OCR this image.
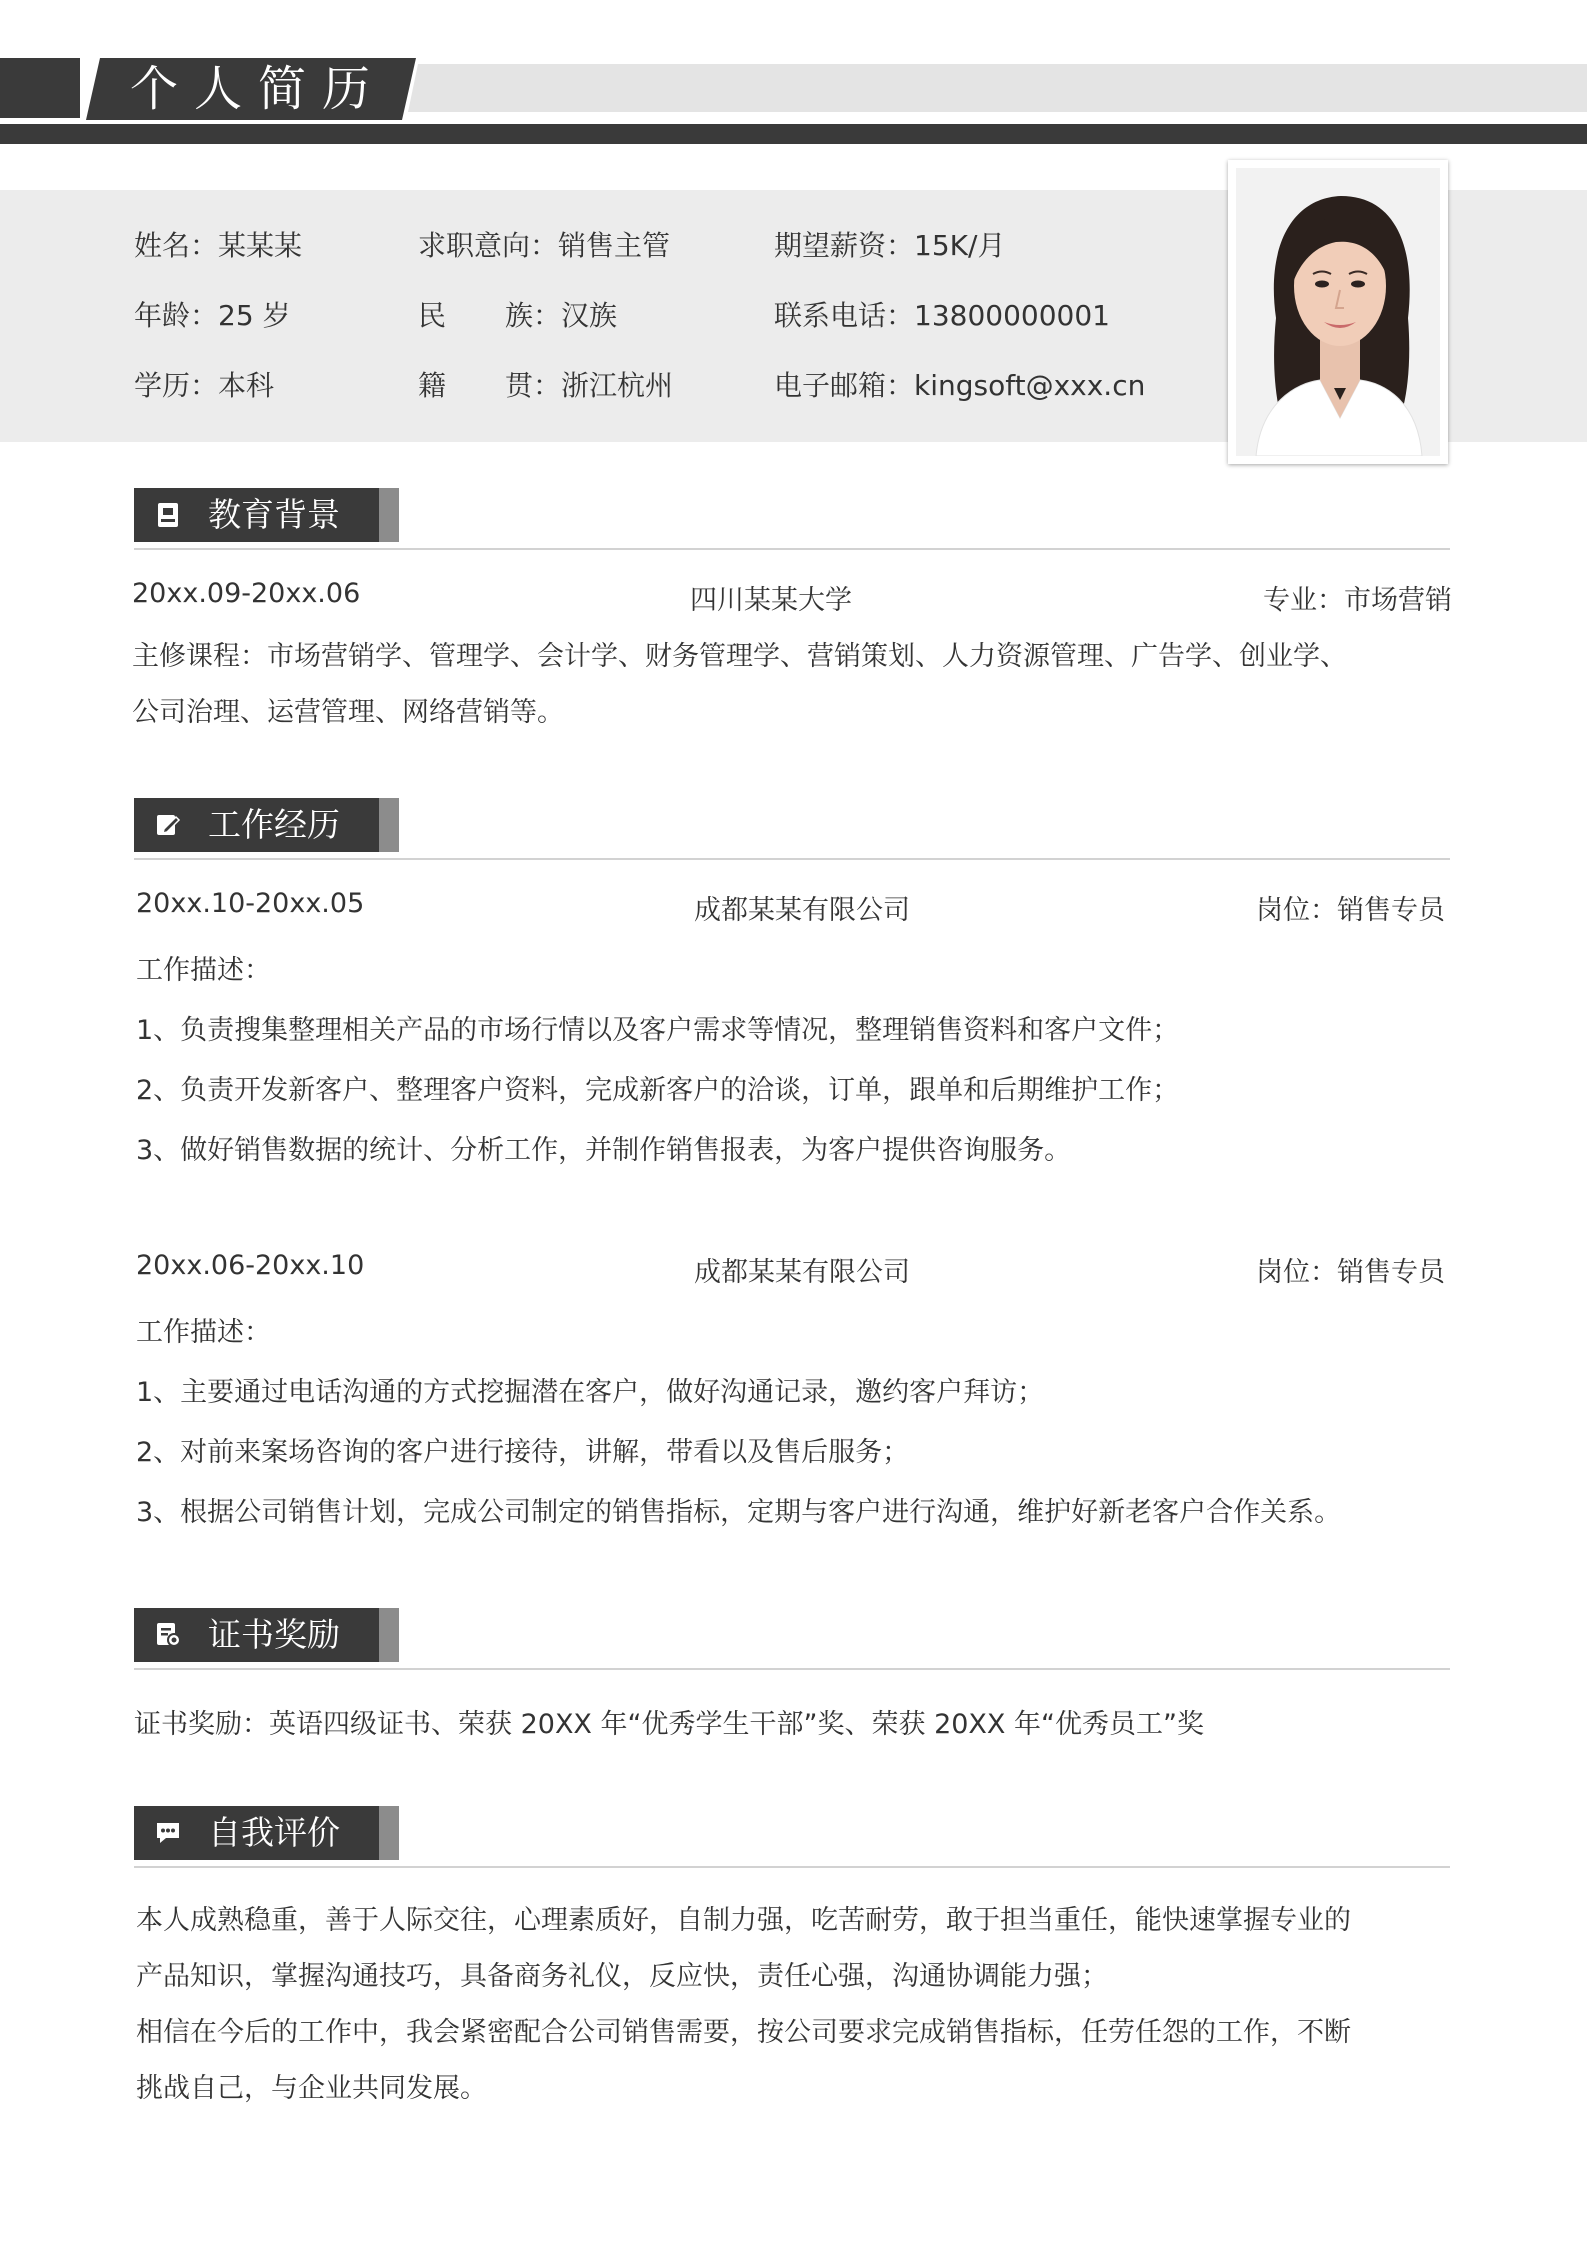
个人简历
姓名：某某某	求职意向：销售主管	期望薪资：15K/月
年龄：25 岁	民 族：汉族	联系电话：13800000001
学历：本科	籍 贯：浙江杭州	电子邮箱：kingsoft@xxx.cn
教育背景
20xx.09-20xx.06	四川某某大学	专业：市场营销
主修课程：市场营销学、管理学、会计学、财务管理学、营销策划、人力资源管理、广告学、创业学、
公司治理、运营管理、网络营销等。
工作经历
20xx.10-20xx.05	成都某某有限公司	岗位：销售专员
工作描述：
1、负责搜集整理相关产品的市场行情以及客户需求等情况，整理销售资料和客户文件；
2、负责开发新客户、整理客户资料，完成新客户的洽谈，订单，跟单和后期维护工作；
3、做好销售数据的统计、分析工作，并制作销售报表，为客户提供咨询服务。
20xx.06-20xx.10	成都某某有限公司	岗位：销售专员
工作描述：
1、主要通过电话沟通的方式挖掘潜在客户，做好沟通记录，邀约客户拜访；
2、对前来案场咨询的客户进行接待，讲解，带看以及售后服务；
3、根据公司销售计划，完成公司制定的销售指标，定期与客户进行沟通，维护好新老客户合作关系。
证书奖励
证书奖励：英语四级证书、荣获 20XX 年“优秀学生干部”奖、荣获 20XX 年“优秀员工”奖
自我评价
本人成熟稳重，善于人际交往，心理素质好，自制力强，吃苦耐劳，敢于担当重任，能快速掌握专业的
产品知识，掌握沟通技巧，具备商务礼仪，反应快，责任心强，沟通协调能力强；
相信在今后的工作中，我会紧密配合公司销售需要，按公司要求完成销售指标，任劳任怨的工作，不断
挑战自己，与企业共同发展。
